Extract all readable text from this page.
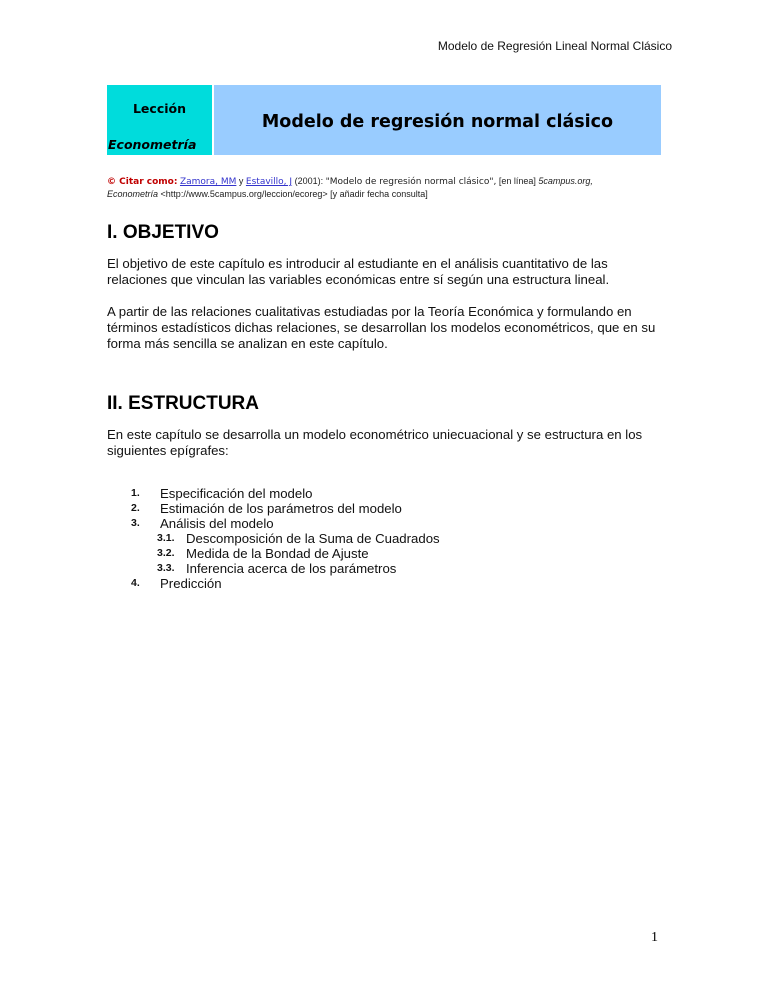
Modelo de Regresión Lineal Normal Clásico
Lección
Econometría
Modelo de regresión normal clásico
© Citar como: Zamora, MM y Estavillo, J (2001): "Modelo de regresión normal clásico", [en línea] 5campus.org,
Econometría <http://www.5campus.org/leccion/ecoreg> [y añadir fecha consulta]
I. OBJETIVO

El objetivo de este capítulo es introducir al estudiante en el análisis cuantitativo de las relaciones que vinculan las variables económicas entre sí según una estructura lineal.

A partir de las relaciones cualitativas estudiadas por la Teoría Económica y formulando en términos estadísticos dichas relaciones, se desarrollan los modelos econométricos, que en su forma más sencilla se analizan en este capítulo.

II. ESTRUCTURA

En este capítulo se desarrolla un modelo econométrico uniecuacional y se estructura en los siguientes epígrafes:

1.	Especificación del modelo
2.	Estimación de los parámetros del modelo
3.	Análisis del modelo
3.1. Descomposición de la Suma de Cuadrados
3.2. Medida de la Bondad de Ajuste
3.3. Inferencia acerca de los parámetros
4.	Predicción
1
